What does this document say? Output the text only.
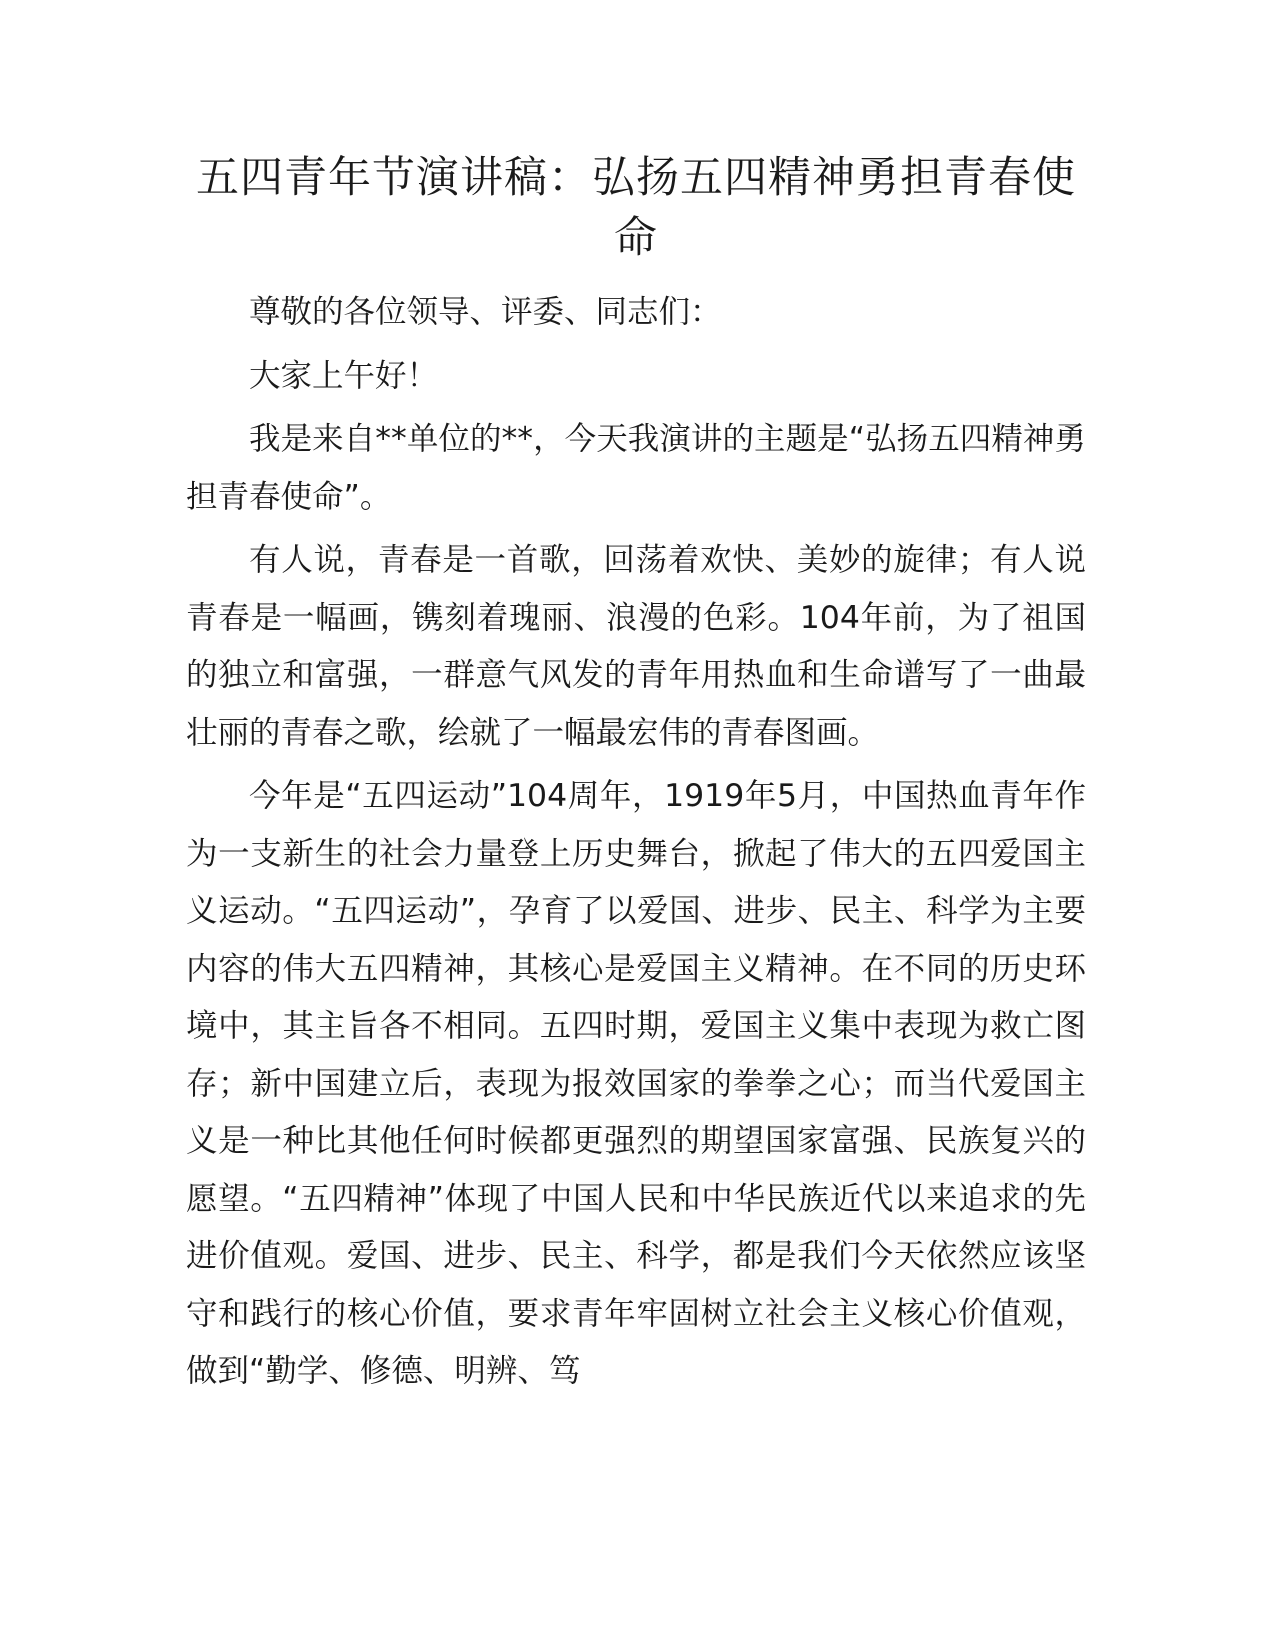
五四青年节演讲稿：弘扬五四精神勇担青春使命

尊敬的各位领导、评委、同志们：

大家上午好！

我是来自**单位的**，今天我演讲的主题是“弘扬五四精神勇担青春使命”。

有人说，青春是一首歌，回荡着欢快、美妙的旋律；有人说青春是一幅画，镌刻着瑰丽、浪漫的色彩。104年前，为了祖国的独立和富强，一群意气风发的青年用热血和生命谱写了一曲最壮丽的青春之歌，绘就了一幅最宏伟的青春图画。

今年是“五四运动”104周年，1919年5月，中国热血青年作为一支新生的社会力量登上历史舞台，掀起了伟大的五四爱国主义运动。“五四运动”，孕育了以爱国、进步、民主、科学为主要内容的伟大五四精神，其核心是爱国主义精神。在不同的历史环境中，其主旨各不相同。五四时期，爱国主义集中表现为救亡图存；新中国建立后，表现为报效国家的拳拳之心；而当代爱国主义是一种比其他任何时候都更强烈的期望国家富强、民族复兴的愿望。“五四精神”体现了中国人民和中华民族近代以来追求的先进价值观。爱国、进步、民主、科学，都是我们今天依然应该坚守和践行的核心价值，要求青年牢固树立社会主义核心价值观，做到“勤学、修德、明辨、笃
